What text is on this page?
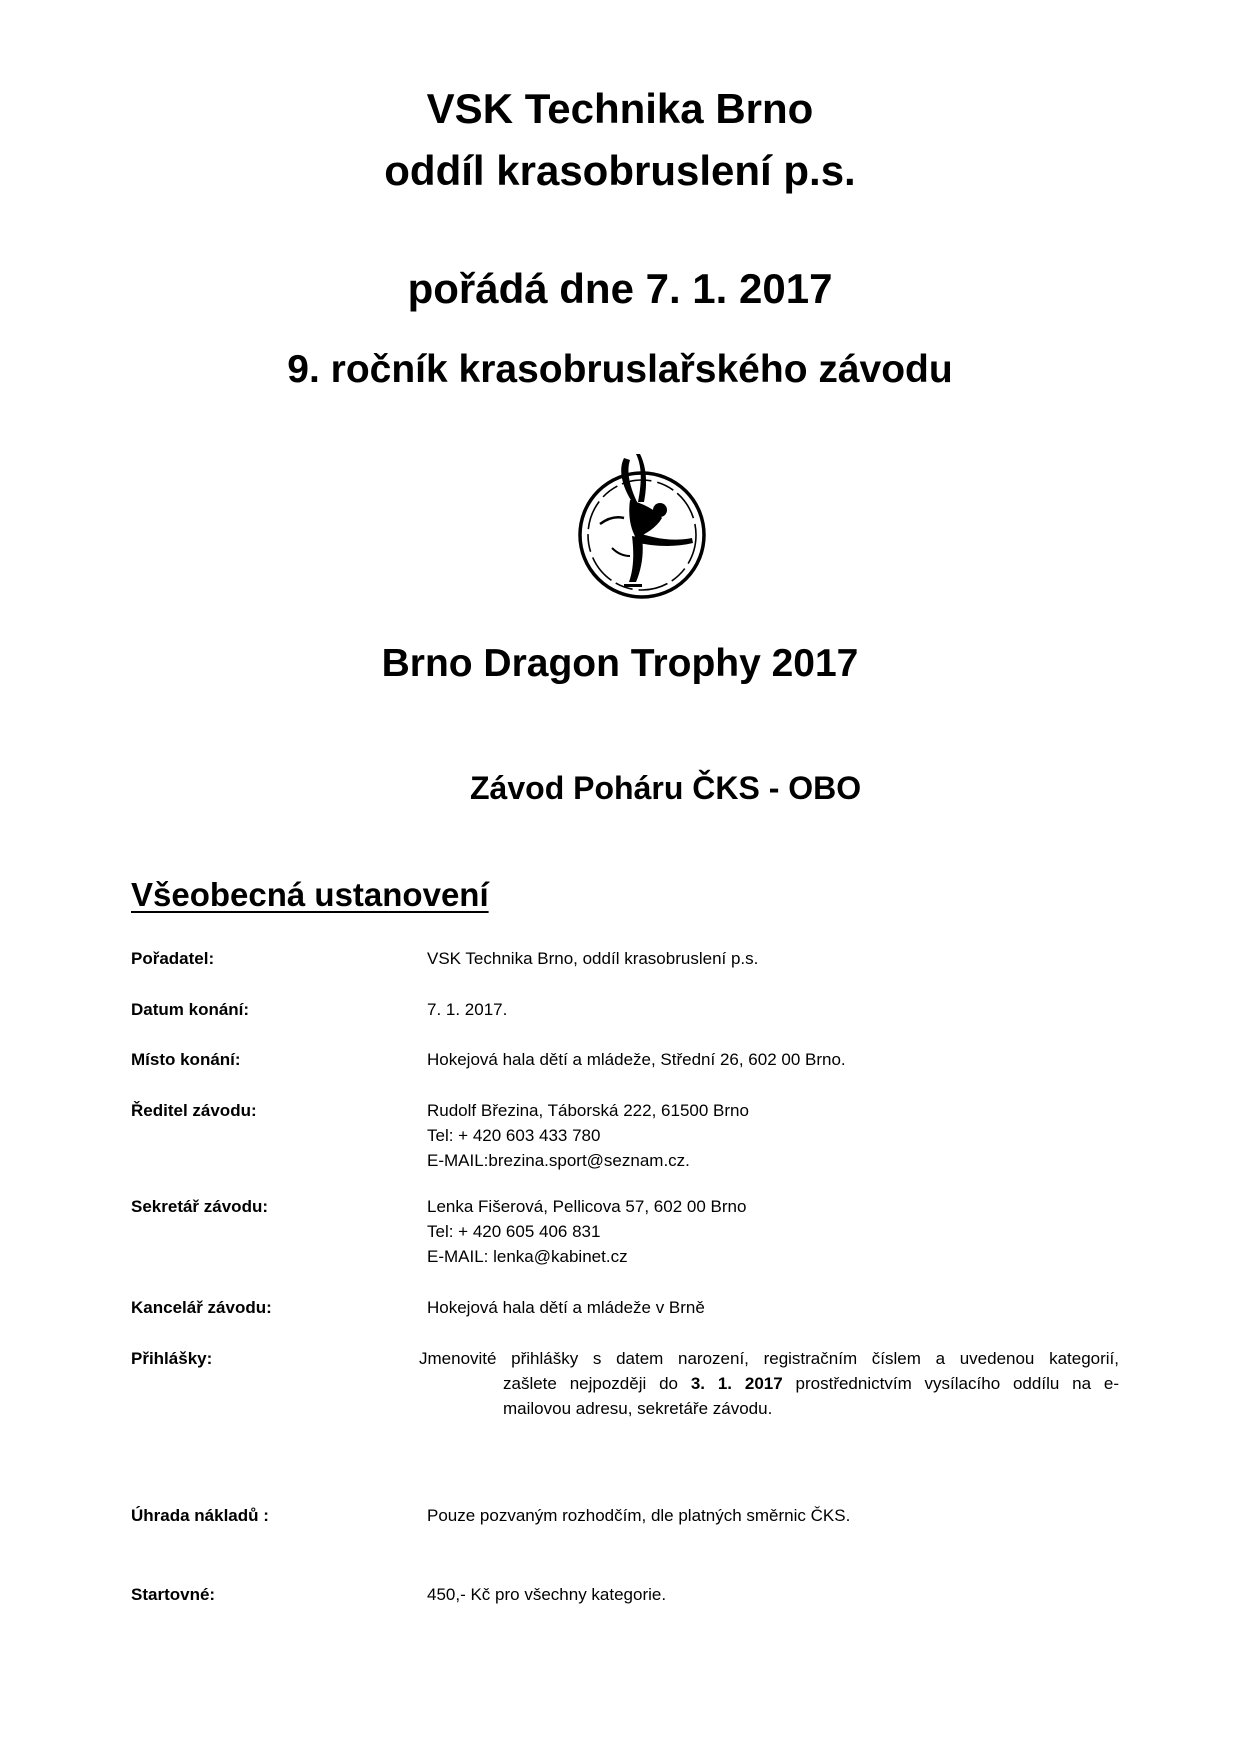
VSK Technika Brno
oddíl krasobruslení p.s.
pořádá dne 7. 1. 2017
9. ročník krasobruslařského závodu
Brno Dragon Trophy 2017
Závod Poháru ČKS - OBO
Všeobecná ustanovení
Pořadatel:	VSK Technika Brno, oddíl krasobruslení p.s.
Datum konání:	7. 1. 2017.
Místo konání:	Hokejová hala dětí a mládeže, Střední 26, 602 00 Brno.
Ředitel závodu:	Rudolf Březina, Táborská 222, 61500 Brno
Tel: + 420 603 433 780
E-MAIL:brezina.sport@seznam.cz.
Sekretář závodu:	Lenka Fišerová, Pellicova 57, 602 00 Brno
Tel: + 420 605 406 831
E-MAIL: lenka@kabinet.cz
Kancelář závodu:	Hokejová hala dětí a mládeže v Brně
Přihlášky:	Jmenovité přihlášky s datem narození, registračním číslem a uvedenou kategorií,
zašlete nejpozději do 3. 1. 2017 prostřednictvím vysílacího oddílu na e-
mailovou adresu, sekretáře závodu.
Úhrada nákladů :	Pouze pozvaným rozhodčím, dle platných směrnic ČKS.
Startovné:	450,- Kč pro všechny kategorie.
